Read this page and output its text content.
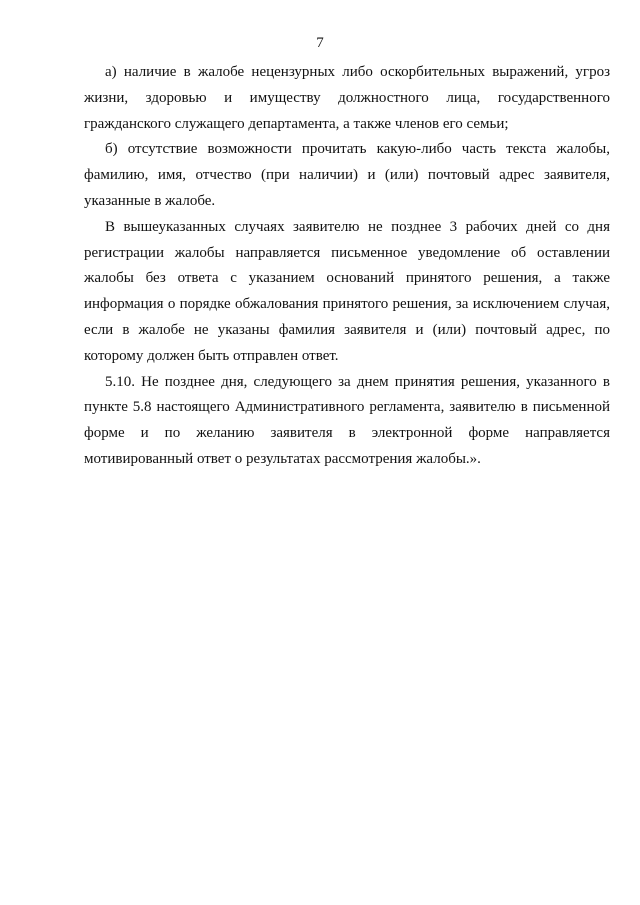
7

а) наличие в жалобе нецензурных либо оскорбительных выражений, угроз жизни, здоровью и имуществу должностного лица, государственного гражданского служащего департамента, а также членов его семьи;

б) отсутствие возможности прочитать какую-либо часть текста жалобы, фамилию, имя, отчество (при наличии) и (или) почтовый адрес заявителя, указанные в жалобе.

В вышеуказанных случаях заявителю не позднее 3 рабочих дней со дня регистрации жалобы направляется письменное уведомление об оставлении жалобы без ответа с указанием оснований принятого решения, а также информация о порядке обжалования принятого решения, за исключением случая, если в жалобе не указаны фамилия заявителя и (или) почтовый адрес, по которому должен быть отправлен ответ.

5.10. Не позднее дня, следующего за днем принятия решения, указанного в пункте 5.8 настоящего Административного регламента, заявителю в письменной форме и по желанию заявителя в электронной форме направляется мотивированный ответ о результатах рассмотрения жалобы.».
